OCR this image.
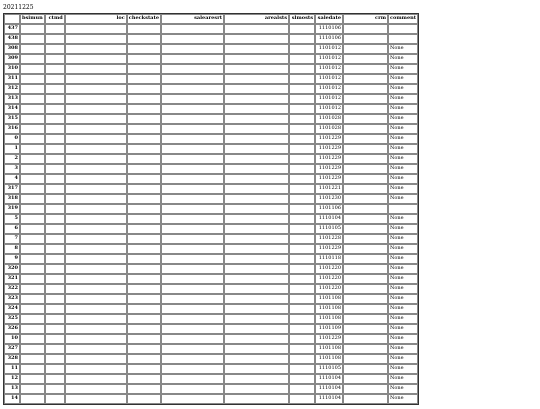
20211225
	bsimun	ctmd	loc	checkstate	salearesrt	arealsts	slmosts	saledate	crm	comment
437								1110106		
438								1110106		
308								1101012		None
309								1101012		None
310								1101012		None
311								1101012		None
312								1101012		None
313								1101012		None
314								1101012		None
315								1101028		None
316								1101028		None
0								1101229		None
1								1101229		None
2								1101229		None
3								1101229		None
4								1101229		None
317								1101221		None
318								1101230		None
319								1101106		
5								1110104		None
6								1110105		None
7								1101228		None
8								1101229		None
9								1110118		None
320								1101220		None
321								1101220		None
322								1101220		None
323								1101108		None
324								1101108		None
325								1101108		None
326								1101109		None
10								1101229		None
327								1101108		None
328								1101108		None
11								1110105		None
12								1110104		None
13								1110104		None
14								1110104		None
